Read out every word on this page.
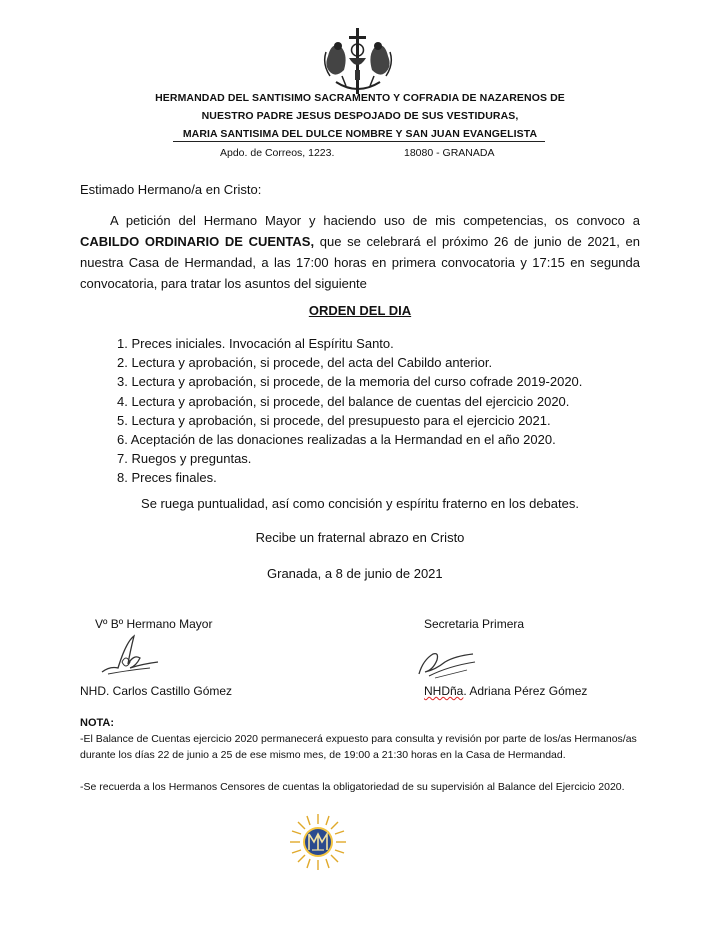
HERMANDAD DEL SANTISIMO SACRAMENTO Y COFRADIA DE NAZARENOS DE
NUESTRO PADRE JESUS DESPOJADO DE SUS VESTIDURAS,
MARIA SANTISIMA DEL DULCE NOMBRE Y SAN JUAN EVANGELISTA
Apdo. de Correos, 1223.	18080 - GRANADA
Estimado Hermano/a en Cristo:
A petición del Hermano Mayor y haciendo uso de mis competencias, os convoco a CABILDO ORDINARIO DE CUENTAS, que se celebrará el próximo 26 de junio de 2021, en nuestra Casa de Hermandad, a las 17:00 horas en primera convocatoria y 17:15 en segunda convocatoria, para tratar los asuntos del siguiente
ORDEN DEL DIA
1. Preces iniciales. Invocación al Espíritu Santo.
2. Lectura y aprobación, si procede, del acta del Cabildo anterior.
3. Lectura y aprobación, si procede, de la memoria del curso cofrade 2019-2020.
4. Lectura y aprobación, si procede, del balance de cuentas del ejercicio 2020.
5. Lectura y aprobación, si procede, del presupuesto para el ejercicio 2021.
6. Aceptación de las donaciones realizadas a la Hermandad en el año 2020.
7. Ruegos y preguntas.
8. Preces finales.
Se ruega puntualidad, así como concisión y espíritu fraterno en los debates.
Recibe un fraternal abrazo en Cristo
Granada, a 8 de junio de 2021
Vº Bº Hermano Mayor	Secretaria Primera
NHD. Carlos Castillo Gómez	NHDña. Adriana Pérez Gómez
NOTA:
-El Balance de Cuentas ejercicio 2020 permanecerá expuesto para consulta y revisión por parte de los/as Hermanos/as durante los días 22 de junio a 25 de ese mismo mes, de 19:00 a 21:30 horas en la Casa de Hermandad.
-Se recuerda a los Hermanos Censores de cuentas la obligatoriedad de su supervisión al Balance del Ejercicio 2020.
